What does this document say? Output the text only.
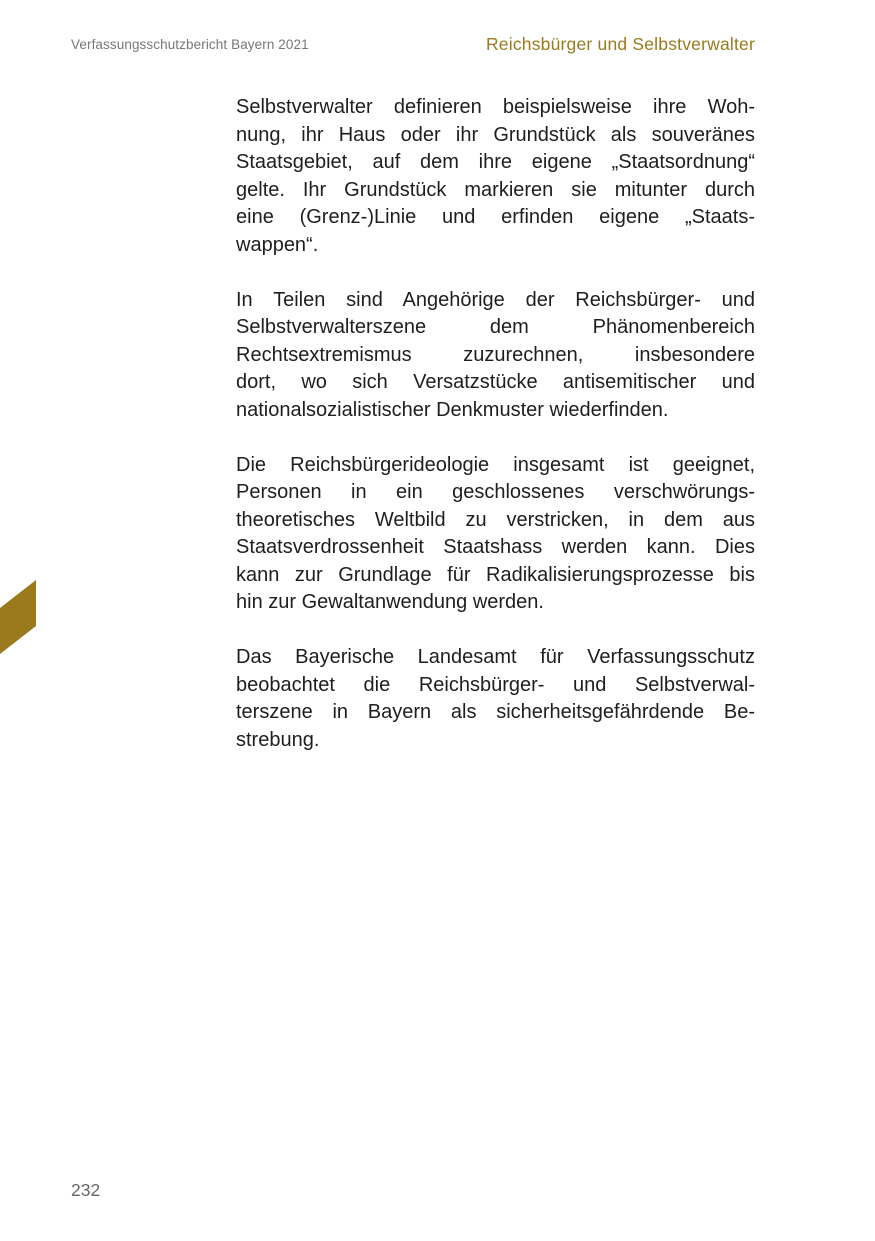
Verfassungsschutzbericht Bayern 2021	Reichsbürger und Selbstverwalter
Selbstverwalter definieren beispielsweise ihre Woh-
nung, ihr Haus oder ihr Grundstück als souveränes
Staatsgebiet, auf dem ihre eigene „Staatsordnung“
gelte. Ihr Grundstück markieren sie mitunter durch
eine (Grenz-)Linie und erfinden eigene „Staats-
wappen“.
In Teilen sind Angehörige der Reichsbürger- und
Selbstverwalterszene dem Phänomenbereich
Rechtsextremismus zuzurechnen, insbesondere
dort, wo sich Versatzstücke antisemitischer und
nationalsozialistischer Denkmuster wiederfinden.
Die Reichsbürgerideologie insgesamt ist geeignet,
Personen in ein geschlossenes verschwörungs-
theoretisches Weltbild zu verstricken, in dem aus
Staatsverdrossenheit Staatshass werden kann. Dies
kann zur Grundlage für Radikalisierungsprozesse bis
hin zur Gewaltanwendung werden.
Das Bayerische Landesamt für Verfassungsschutz
beobachtet die Reichsbürger- und Selbstverwal-
terszene in Bayern als sicherheitsgefährdende Be-
strebung.
232
